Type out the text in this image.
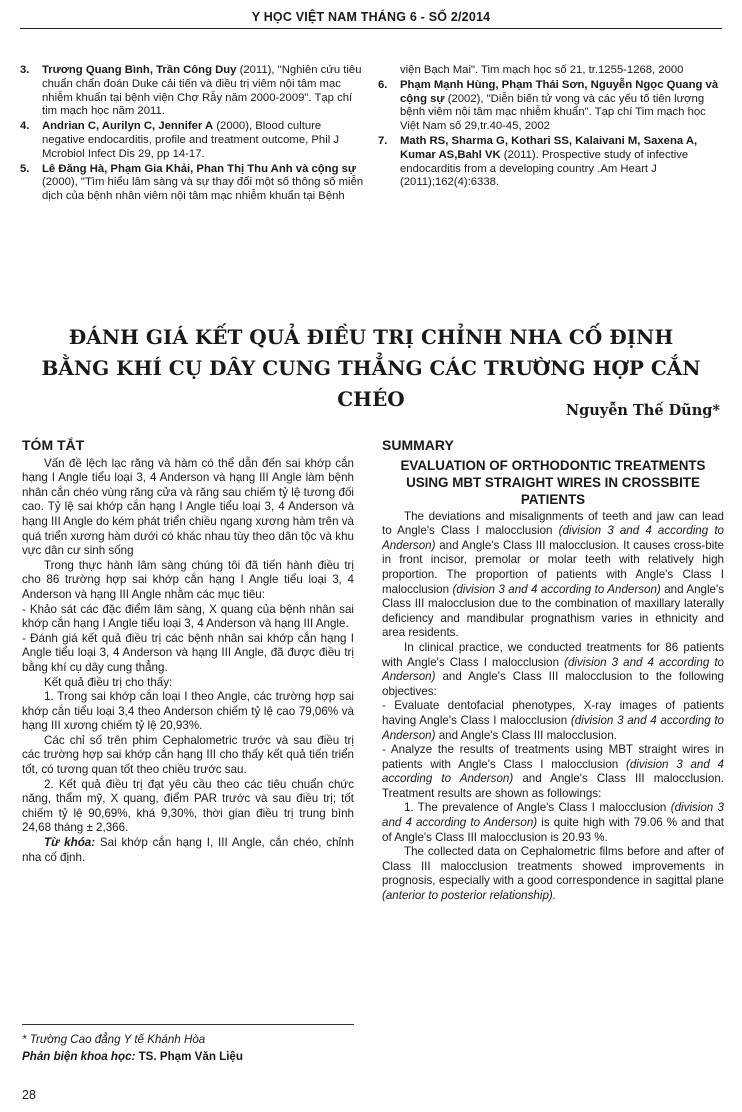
Y HỌC VIỆT NAM THÁNG 6 - SỐ 2/2014
3.	Trương Quang Bình, Trần Công Duy (2011), "Nghiên cứu tiêu chuẩn chẩn đoán Duke cải tiến và điều trị viêm nội tâm mạc nhiễm khuẩn tại bệnh viện Chợ Rẫy năm 2000-2009". Tạp chí tim mạch học năm 2011.
4.	Andrian C, Aurilyn C, Jennifer A (2000), Blood culture negative endocarditis, profile and treatment outcome, Phil J Mcrobiol Infect Dis 29, pp 14-17.
5.	Lê Đăng Hà, Phạm Gia Khải, Phan Thị Thu Anh và cộng sự (2000), "Tìm hiểu lâm sàng và sự thay đổi một số thông số miễn dịch của bệnh nhân viêm nội tâm mạc nhiễm khuẩn tại Bệnh
viện Bạch Mai". Tim mạch học số 21, tr.1255-1268, 2000
6.	Phạm Mạnh Hùng, Phạm Thái Sơn, Nguyễn Ngọc Quang và cộng sự (2002), "Diễn biến tử vong và các yếu tố tiên lượng bệnh viêm nội tâm mạc nhiễm khuẩn". Tạp chí Tim mạch học Việt Nam số 29,tr.40-45, 2002
7.	Math RS, Sharma G, Kothari SS, Kalaivani M, Saxena A, Kumar AS,Bahl VK (2011). Prospective study of infective endocarditis from a developing country .Am Heart J (2011);162(4):6338.
ĐÁNH GIÁ KẾT QUẢ ĐIỀU TRỊ CHỈNH NHA CỐ ĐỊNH
BẰNG KHÍ CỤ DÂY CUNG THẲNG CÁC TRƯỜNG HỢP CẮN CHÉO	Nguyễn Thế Dũng*
TÓM TẮT

Vấn đề lệch lạc răng và hàm có thể dẫn đến sai khớp cắn hạng I Angle tiểu loại 3, 4 Anderson và hạng III Angle làm bệnh nhân cắn chéo vùng răng cửa và răng sau chiếm tỷ lệ tương đối cao. Tỷ lệ sai khớp cắn hạng I Angle tiểu loại 3, 4 Anderson và hạng III Angle do kém phát triển chiều ngang xương hàm trên và quá triển xương hàm dưới có khác nhau tùy theo dân tộc và khu vực dân cư sinh sống

Trong thực hành lâm sàng chúng tôi đã tiến hành điều trị cho 86 trường hợp sai khớp cắn hạng I Angle tiểu loại 3, 4 Anderson và hạng III Angle nhằm các mục tiêu:

- Khảo sát các đặc điểm lâm sàng, X quang của bệnh nhân sai khớp cắn hạng I Angle tiểu loại 3, 4 Anderson và hạng III Angle.

- Đánh giá kết quả điều trị các bệnh nhân sai khớp cắn hạng I Angle tiểu loại 3, 4 Anderson và hạng III Angle, đã được điều trị bằng khí cụ dây cung thẳng.

Kết quả điều trị cho thấy:

1. Trong sai khớp cắn loại I theo Angle, các trường hợp sai khớp cắn tiểu loại 3,4 theo Anderson chiếm tỷ lệ cao 79,06% và hạng III xương chiếm tỷ lệ 20,93%.

Các chỉ số trên phim Cephalometric trước và sau điều trị các trường hợp sai khớp cắn hạng III cho thấy kết quả tiến triển tốt, có tương quan tốt theo chiều trước sau.

2. Kết quả điều trị đạt yêu cầu theo các tiêu chuẩn chức năng, thẩm mỹ, X quang, điểm PAR trước và sau điều trị; tốt chiếm tỷ lệ 90,69%, khá 9,30%, thời gian điều trị trung bình 24,68 tháng ± 2,366.

Từ khóa: Sai khớp cắn hạng I, III Angle, cắn chéo, chỉnh nha cố định.

SUMMARY
EVALUATION OF ORTHODONTIC TREATMENTS USING MBT STRAIGHT WIRES IN CROSSBITE PATIENTS

The deviations and misalignments of teeth and jaw can lead to Angle's Class I malocclusion (division 3 and 4 according to Anderson) and Angle's Class III malocclusion. It causes cross-bite in front incisor, premolar or molar teeth with relatively high proportion. The proportion of patients with Angle's Class I malocclusion (division 3 and 4 according to Anderson) and Angle's Class III malocclusion due to the combination of maxillary laterally deficiency and mandibular prognathism varies in ethnicity and area residents.

In clinical practice, we conducted treatments for 86 patients with Angle's Class I malocclusion (division 3 and 4 according to Anderson) and Angle's Class III malocclusion to the following objectives:

- Evaluate dentofacial phenotypes, X-ray images of patients having Angle's Class I malocclusion (division 3 and 4 according to Anderson) and Angle's Class III malocclusion.

- Analyze the results of treatments using MBT straight wires in patients with Angle's Class I malocclusion (division 3 and 4 according to Anderson) and Angle's Class III malocclusion. Treatment results are shown as followings:

1. The prevalence of Angle's Class I malocclusion (division 3 and 4 according to Anderson) is quite high with 79.06 % and that of Angle's Class III malocclusion is 20.93 %.

The collected data on Cephalometric films before and after of Class III malocclusion treatments showed improvements in prognosis, especially with a good correspondence in sagittal plane (anterior to posterior relationship).

* Trường Cao đẳng Y tế Khánh Hòa
Phản biện khoa học: TS. Phạm Văn Liệu
28
